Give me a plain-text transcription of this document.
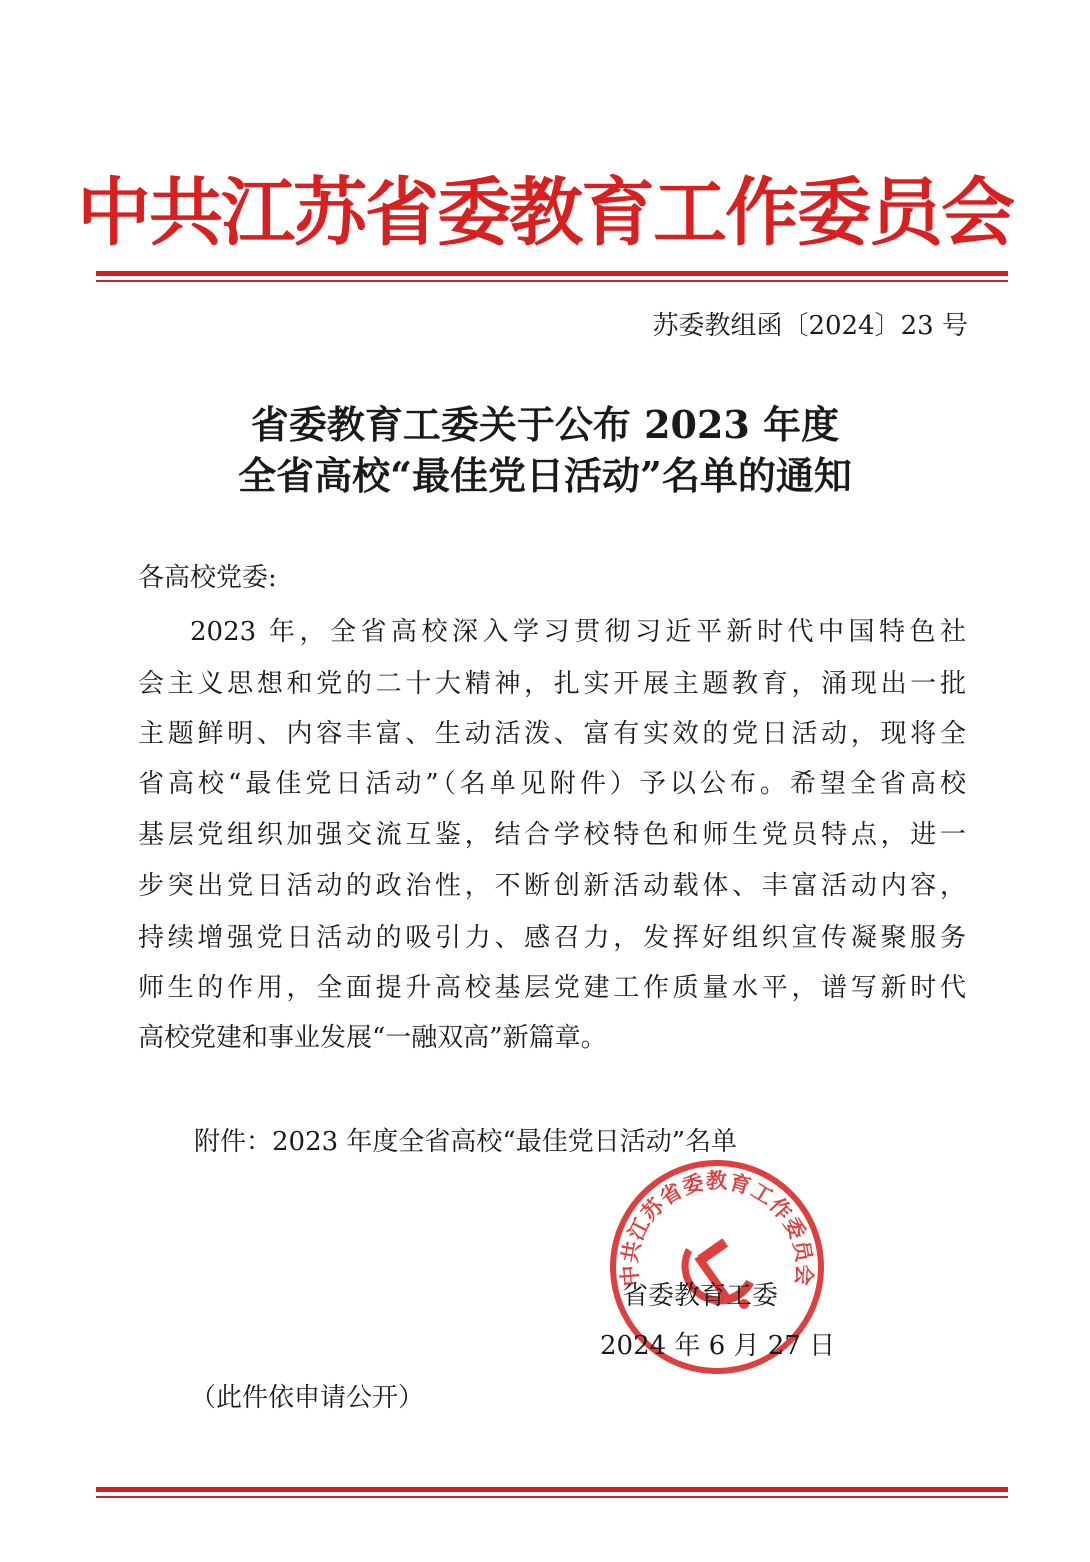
中共江苏省委教育工作委员会
苏委教组函〔2024〕23 号
省委教育工委关于公布 2023 年度
全省高校“最佳党日活动”名单的通知
各高校党委:
2023 年，全省高校深入学习贯彻习近平新时代中国特色社
会主义思想和党的二十大精神，扎实开展主题教育，涌现出一批
主题鲜明、内容丰富、生动活泼、富有实效的党日活动，现将全
省高校“最佳党日活动”（名单见附件）予以公布。希望全省高校
基层党组织加强交流互鉴，结合学校特色和师生党员特点，进一
步突出党日活动的政治性，不断创新活动载体、丰富活动内容，
持续增强党日活动的吸引力、感召力，发挥好组织宣传凝聚服务
师生的作用，全面提升高校基层党建工作质量水平，谱写新时代
高校党建和事业发展“一融双高”新篇章。
附件：2023 年度全省高校“最佳党日活动”名单
中共江苏省委教育工作委员会
省委教育工委
2024 年 6 月 27 日
（此件依申请公开）
